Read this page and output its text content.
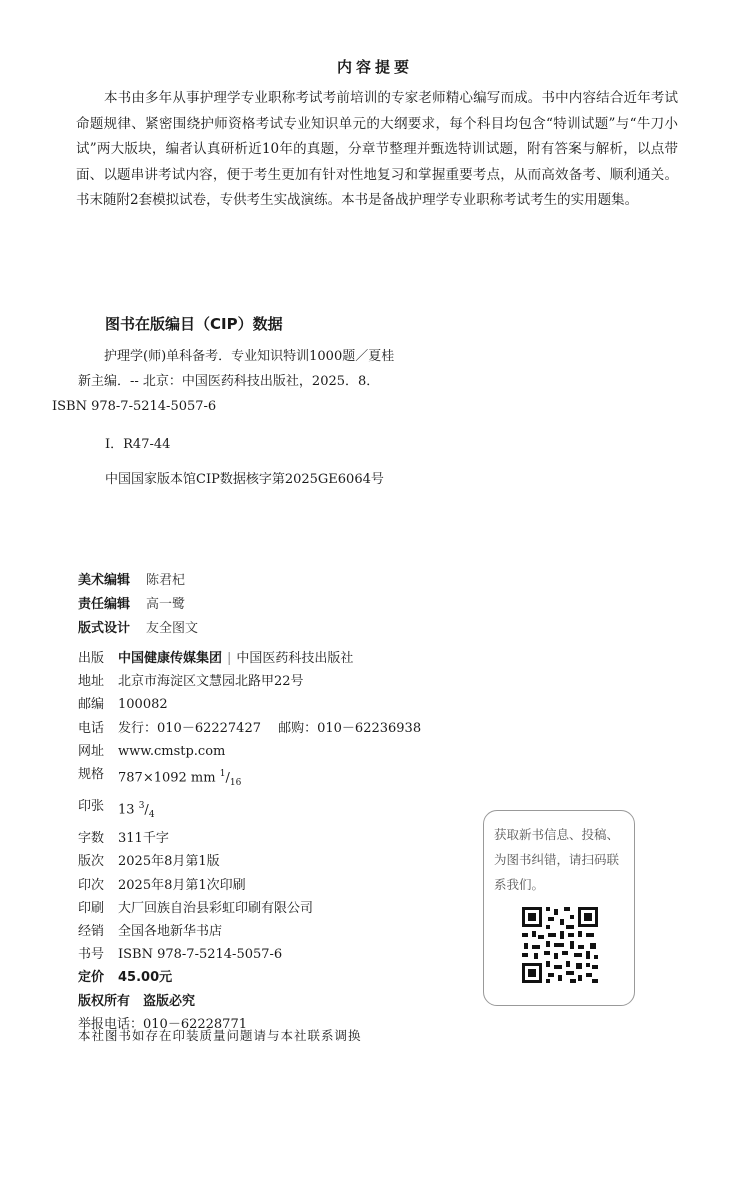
内容提要
本书由多年从事护理学专业职称考试考前培训的专家老师精心编写而成。书中内容结合近年考试命题规律、紧密围绕护师资格考试专业知识单元的大纲要求，每个科目均包含“特训试题”与“牛刀小试”两大版块，编者认真研析近10年的真题，分章节整理并甄选特训试题，附有答案与解析，以点带面、以题串讲考试内容，便于考生更加有针对性地复习和掌握重要考点，从而高效备考、顺利通关。书末随附2套模拟试卷，专供考生实战演练。本书是备战护理学专业职称考试考生的实用题集。
图书在版编目（CIP）数据
护理学(师)单科备考．专业知识特训1000题／夏桂新主编．-- 北京：中国医药科技出版社，2025．8．
ISBN 978-7-5214-5057-6
Ⅰ．R47-44
中国国家版本馆CIP数据核字第2025GE6064号
美术编辑	陈君杞
责任编辑	高一鹭
版式设计	友全图文
出版	中国健康传媒集团 | 中国医药科技出版社
地址	北京市海淀区文慧园北路甲22号
邮编	100082
电话	发行：010－62227427　 邮购：010－62236938
网址	www.cmstp.com
规格	787×1092 mm $^1/_{16}$
印张	13 $^3/_4$
字数	311千字
版次	2025年8月第1版
印次	2025年8月第1次印刷
印刷	大厂回族自治县彩虹印刷有限公司
经销	全国各地新华书店
书号	ISBN 978-7-5214-5057-6
定价	45.00元
版权所有　盗版必究
举报电话：010－62228771
本社图书如存在印装质量问题请与本社联系调换
获取新书信息、投稿、为图书纠错，请扫码联系我们。
